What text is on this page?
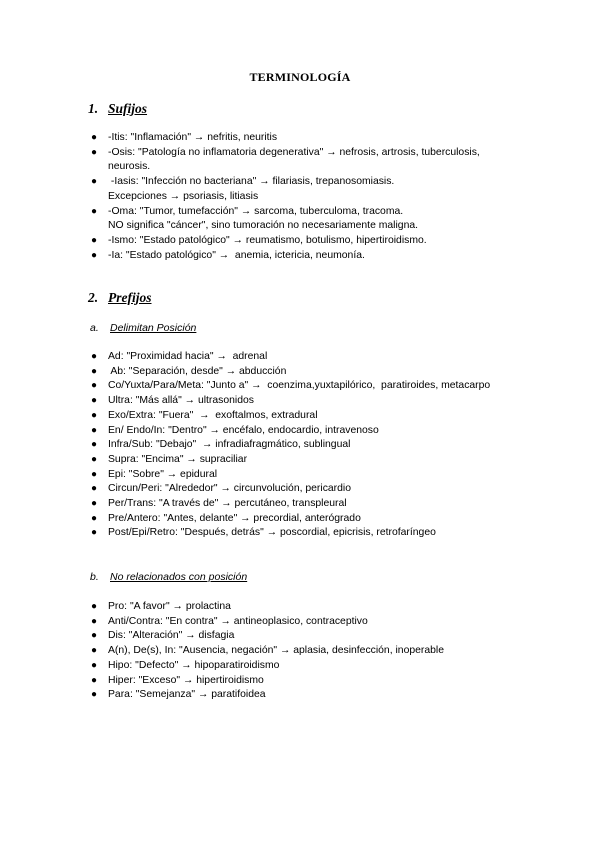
TERMINOLOGÍA
1. Sufijos
● -Itis: "Inflamación" → nefritis, neuritis
● -Osis: "Patología no inflamatoria degenerativa" → nefrosis, artrosis, tuberculosis,
neurosis.
● -Iasis: "Infección no bacteriana" → filariasis, trepanosomiasis.
Excepciones → psoriasis, litiasis
● -Oma: "Tumor, tumefacción" → sarcoma, tuberculoma, tracoma.
NO significa "cáncer", sino tumoración no necesariamente maligna.
● -Ismo: "Estado patológico" → reumatismo, botulismo, hipertiroidismo.
● -Ia: "Estado patológico" →  anemia, ictericia, neumonía.
2. Prefijos
a. Delimitan Posición
● Ad: "Proximidad hacia" →  adrenal
● Ab: "Separación, desde" → abducción
● Co/Yuxta/Para/Meta: "Junto a" →  coenzima,yuxtapilórico,  paratiroides, metacarpo
● Ultra: "Más allá" → ultrasonidos
● Exo/Extra: "Fuera"  →  exoftalmos, extradural
● En/ Endo/In: "Dentro" → encéfalo, endocardio, intravenoso
● Infra/Sub: "Debajo"  → infradiafragmático, sublingual
● Supra: "Encima" → supraciliar
● Epi: "Sobre" → epidural
● Circun/Peri: "Alrededor" → circunvolución, pericardio
● Per/Trans: "A través de" → percutáneo, transpleural
● Pre/Antero: "Antes, delante" → precordial, anterógrado
● Post/Epi/Retro: "Después, detrás" → poscordial, epicrisis, retrofaríngeo
b. No relacionados con posición
● Pro: "A favor" → prolactina
● Anti/Contra: "En contra" → antineoplasico, contraceptivo
● Dis: "Alteración" → disfagia
● A(n), De(s), In: "Ausencia, negación" → aplasia, desinfección, inoperable
● Hipo: "Defecto" → hipoparatiroidismo
● Hiper: "Exceso" → hipertiroidismo
● Para: "Semejanza" → paratifoidea
